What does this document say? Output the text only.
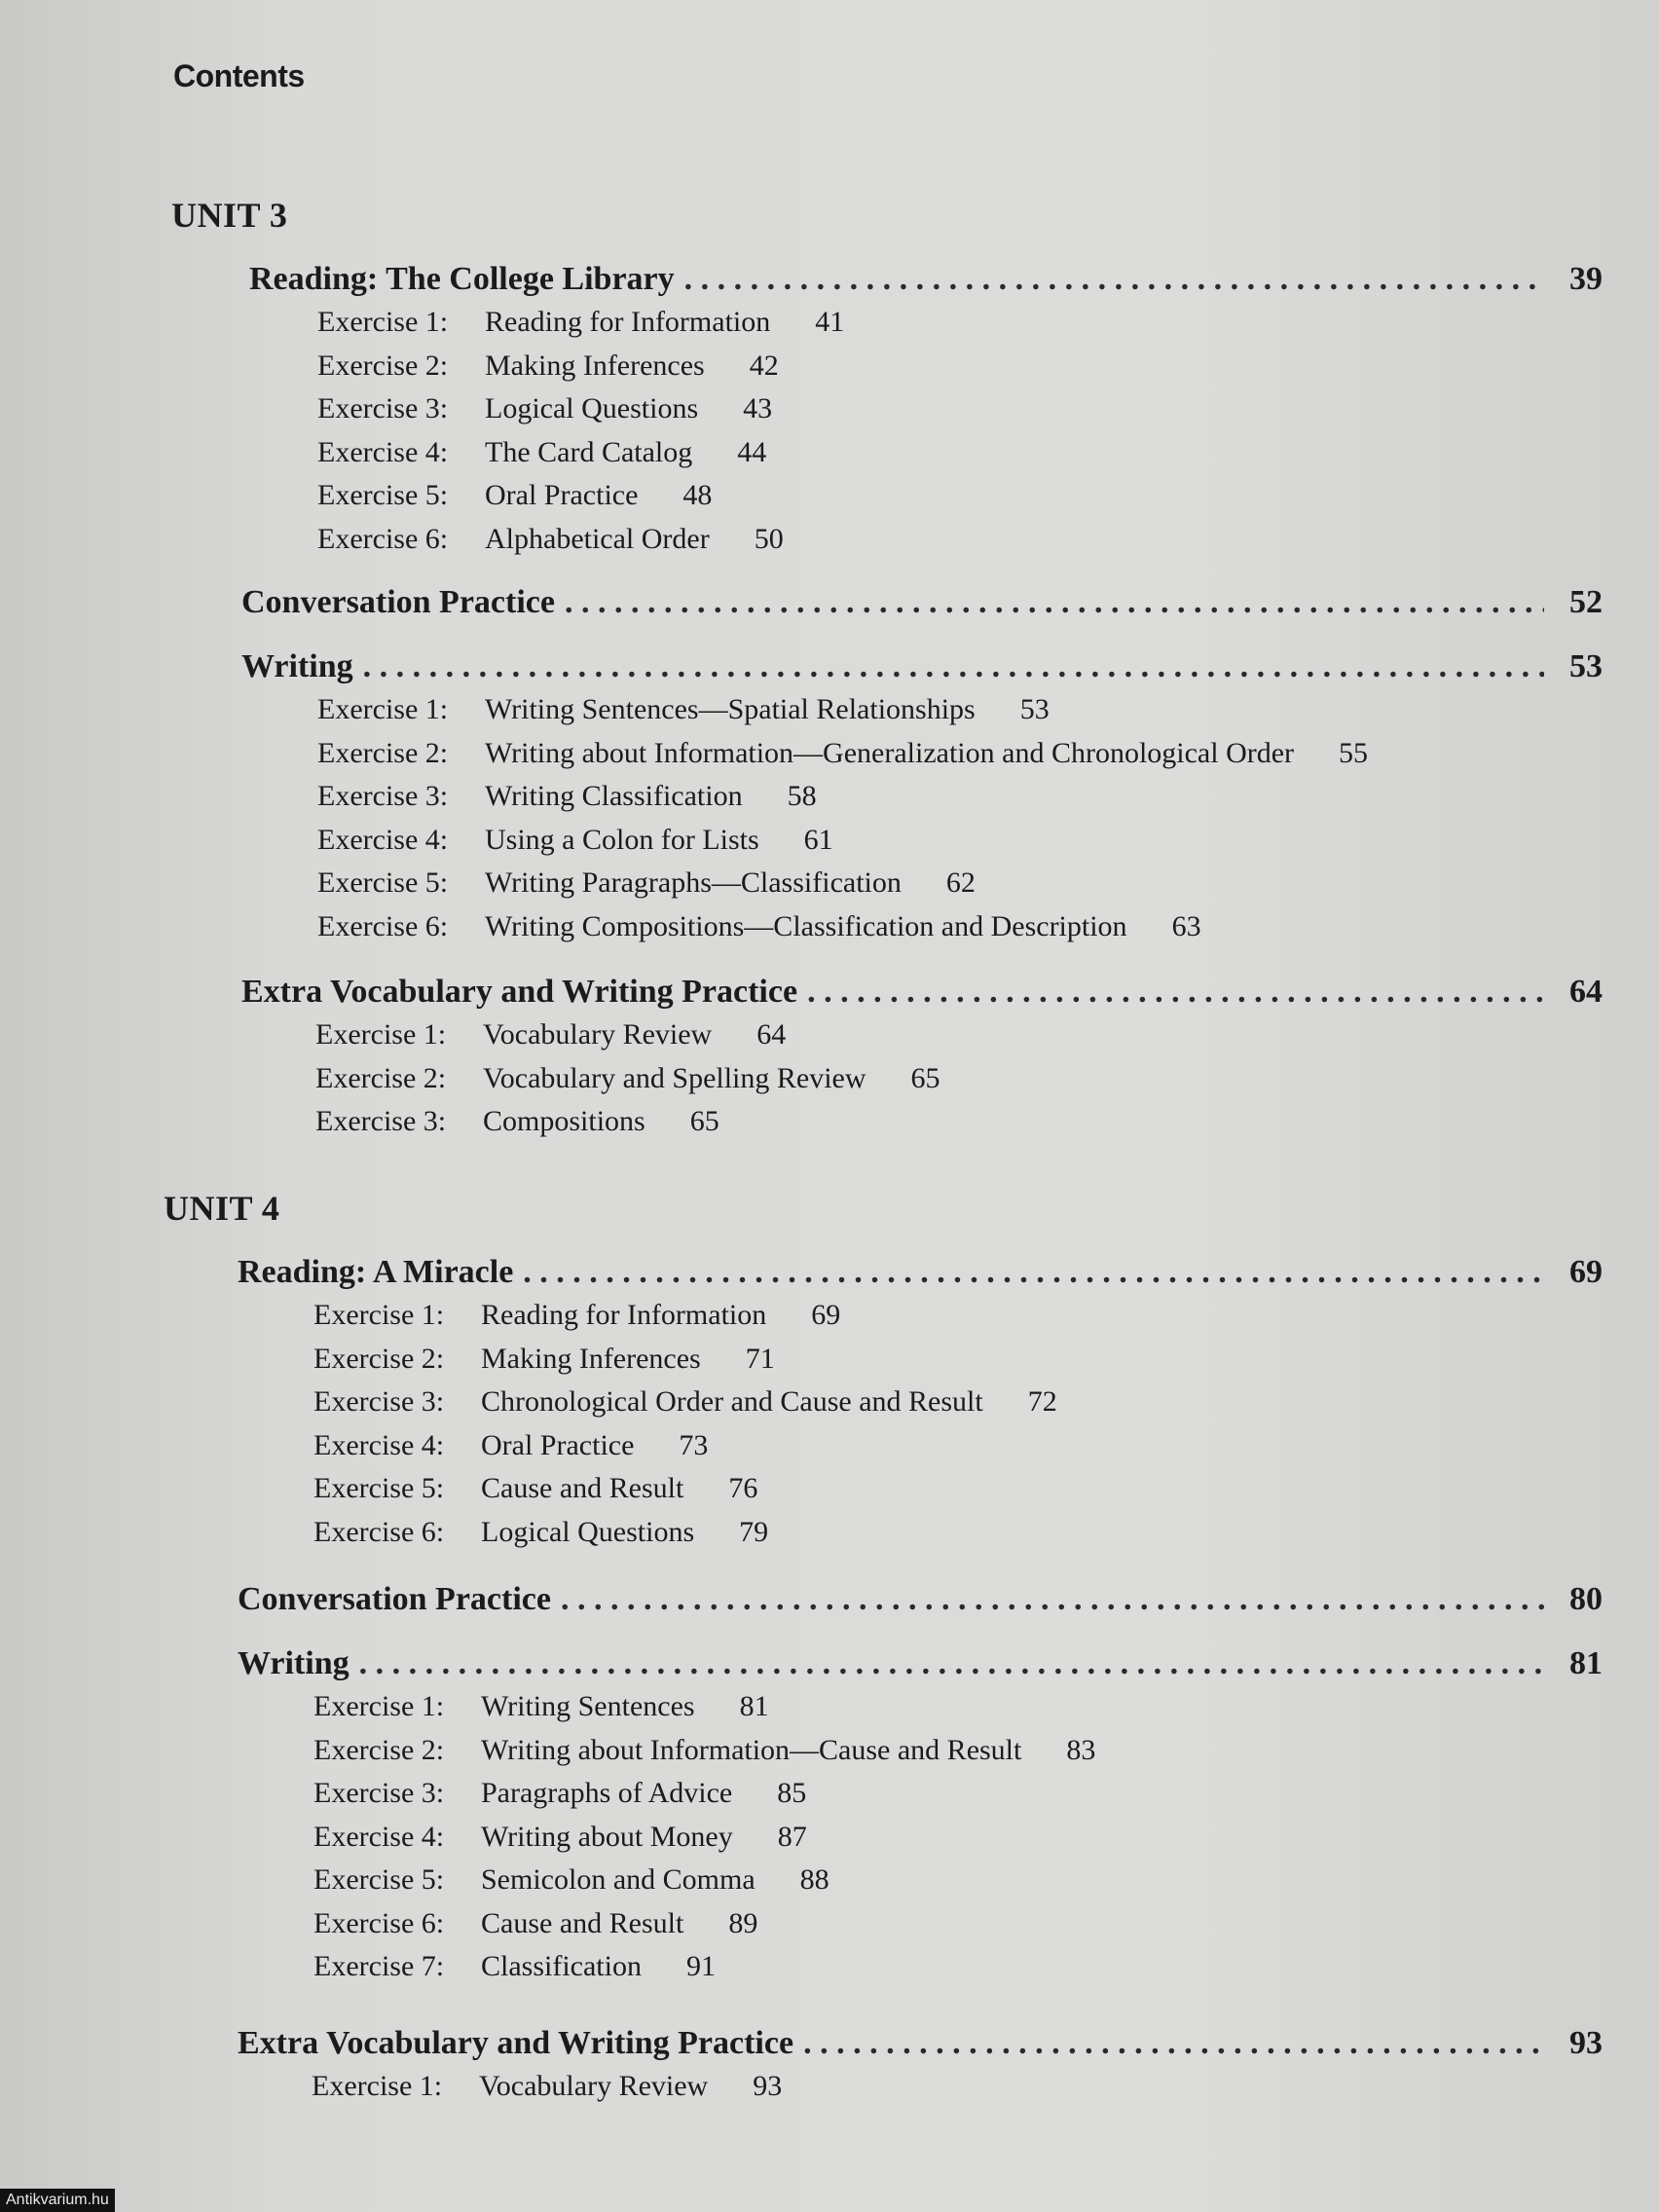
Contents
UNIT 3
Reading: The College Library . . .	39
Exercise 1:	Reading for Information 41
Exercise 2:	Making Inferences 42
Exercise 3:	Logical Questions 43
Exercise 4:	The Card Catalog 44
Exercise 5:	Oral Practice 48
Exercise 6:	Alphabetical Order 50
Conversation Practice . . .	52
Writing . . .	53
Exercise 1:	Writing Sentences—Spatial Relationships 53
Exercise 2:	Writing about Information—Generalization and Chronological Order 55
Exercise 3:	Writing Classification 58
Exercise 4:	Using a Colon for Lists 61
Exercise 5:	Writing Paragraphs—Classification 62
Exercise 6:	Writing Compositions—Classification and Description 63
Extra Vocabulary and Writing Practice . . .	64
Exercise 1:	Vocabulary Review 64
Exercise 2:	Vocabulary and Spelling Review 65
Exercise 3:	Compositions 65
UNIT 4
Reading: A Miracle . . .	69
Exercise 1:	Reading for Information 69
Exercise 2:	Making Inferences 71
Exercise 3:	Chronological Order and Cause and Result 72
Exercise 4:	Oral Practice 73
Exercise 5:	Cause and Result 76
Exercise 6:	Logical Questions 79
Conversation Practice . . .	80
Writing . . .	81
Exercise 1:	Writing Sentences 81
Exercise 2:	Writing about Information—Cause and Result 83
Exercise 3:	Paragraphs of Advice 85
Exercise 4:	Writing about Money 87
Exercise 5:	Semicolon and Comma 88
Exercise 6:	Cause and Result 89
Exercise 7:	Classification 91
Extra Vocabulary and Writing Practice . . .	93
Exercise 1:	Vocabulary Review 93
Antikvarium.hu
